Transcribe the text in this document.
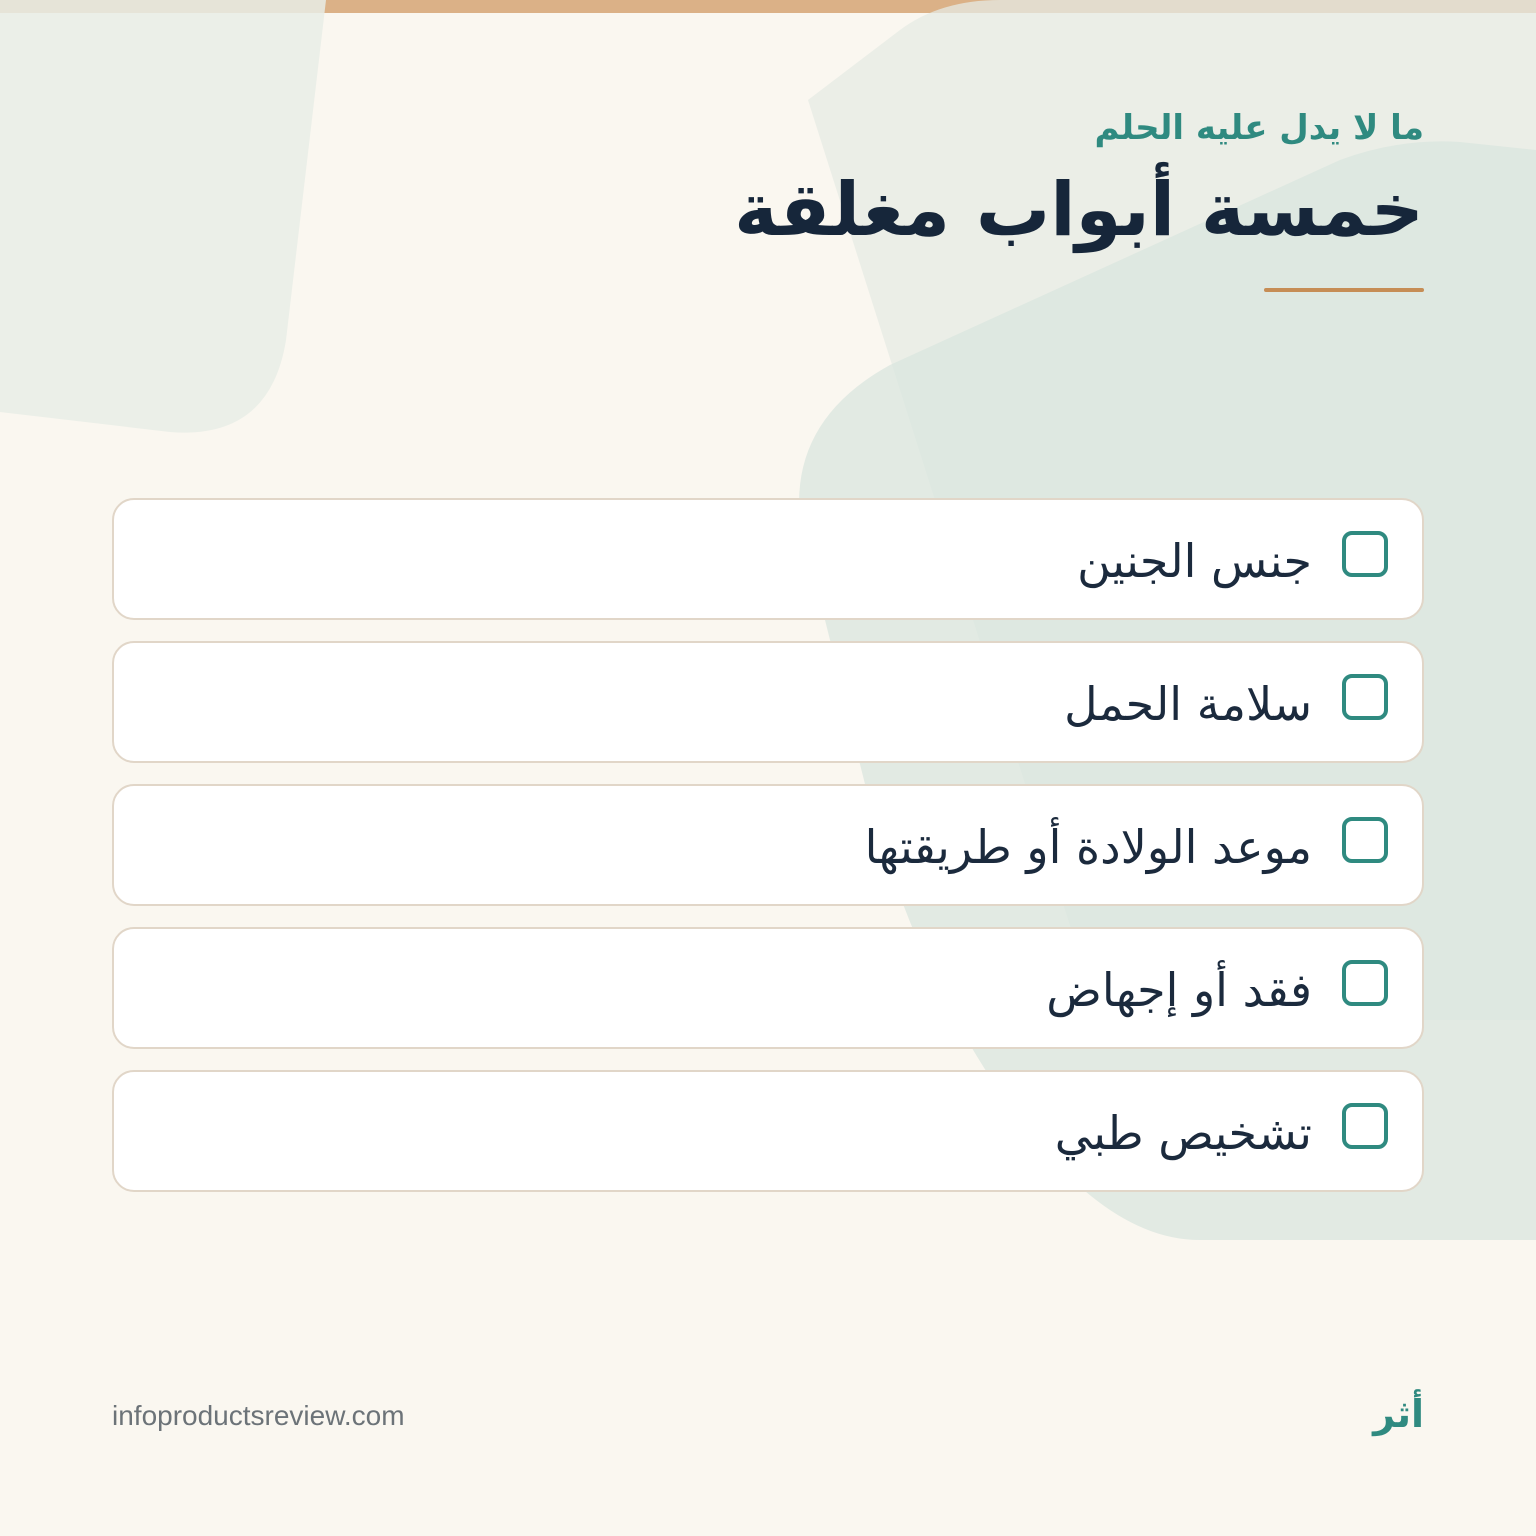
ما لا يدل عليه الحلم
خمسة أبواب مغلقة
جنس الجنين
سلامة الحمل
موعد الولادة أو طريقتها
فقد أو إجهاض
تشخيص طبي
infoproductsreview.com	أثر
